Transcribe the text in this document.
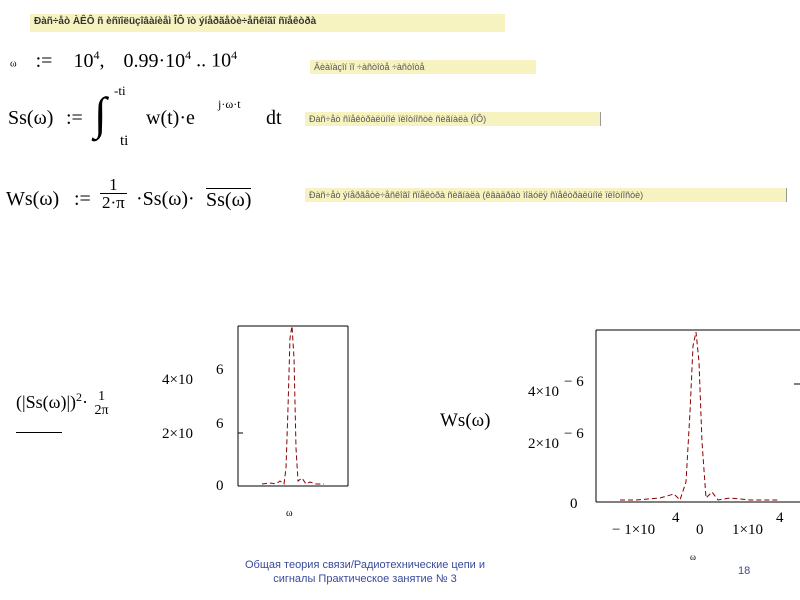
Ðàñ÷åò ÀÊÔ ñ èñïîëüçîâàíèåì ÎÔ ïò ýíåðãåòè÷åñêîãî ñïåêòðà
ω := $10^4$, $0.99\cdot 10^4$ .. $10^4$
Äèàïàçîí ïî ÷àñòîòå ÷àñòîòå
Ss(ω) := ∫ -ti
ti
w(t)·e
j·ω·t
dt	Ðàñ÷åò ñïåêòðàëüíîé ïëîòíîñòè ñèãíàëà (ÏÔ)
Ws(ω) := $\frac{1}{2\cdot\pi} \cdot Ss(\omega)\cdot Ss(\omega)$	Ðàñ÷åò ýíåðãåòè÷åñêîãî ñïåêòðà ñèãíàëà (êâàäðàò ìîäóëÿ ñïåêòðàëüíîé ïëîòíîñòè)
$(|Ss(\omega)|)^2\cdot 1$
2π
4×10
6
2×10
6
0
ω
Ws(ω)
4×10
− 6
2×10
− 6
0
− 1×10
4
0 1×10
4
ω
Общая теория связи/Радиотехнические цепи и
сигналы Практическое занятие № 3
18
